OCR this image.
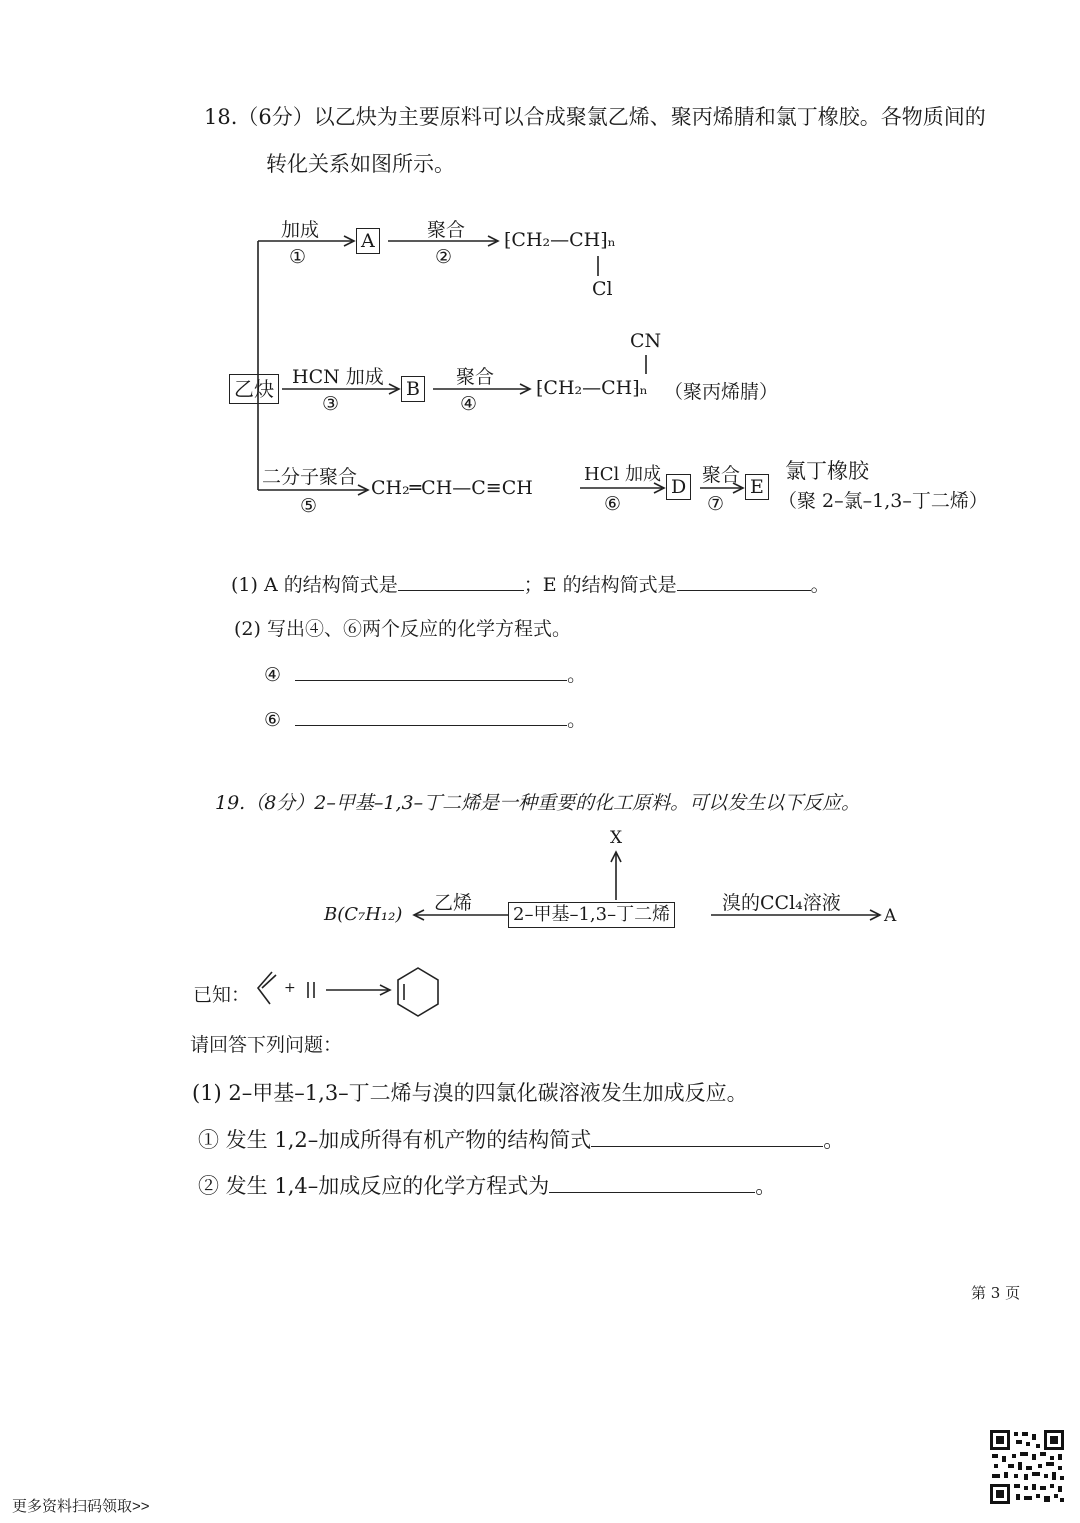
18.（6分）以乙炔为主要原料可以合成聚氯乙烯、聚丙烯腈和氯丁橡胶。各物质间的
转化关系如图所示。
乙炔
加成
①
A	聚合
②
⁅CH₂—CH⁆ₙ
Cl
HCN 加成
③
B
聚合
④
CN
⁅CH₂—CH⁆ₙ （聚丙烯腈）
二分子聚合
⑤
CH₂═CH—C≡CH
HCl 加成
⑥
D
聚合
⑦
E
氯丁橡胶
（聚 2–氯–1,3–丁二烯）
(1) A 的结构简式是	；E 的结构简式是	。
(2) 写出④、⑥两个反应的化学方程式。
④	。
⑥	。
19.（8分）2–甲基–1,3–丁二烯是一种重要的化工原料。可以发生以下反应。
X
乙烯
B(C₇H₁₂)	2–甲基–1,3–丁二烯
溴的CCl₄溶液
A
已知： +
请回答下列问题：
(1) 2–甲基–1,3–丁二烯与溴的四氯化碳溶液发生加成反应。
① 发生 1,2–加成所得有机产物的结构简式	。
② 发生 1,4–加成反应的化学方程式为	。
第 3 页
更多资料扫码领取>>
